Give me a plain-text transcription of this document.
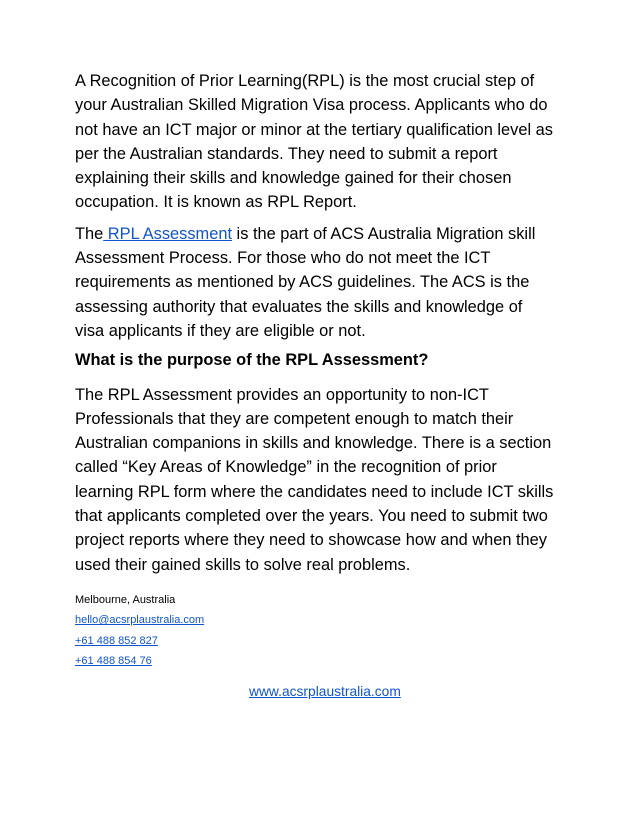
A Recognition of Prior Learning(RPL) is the most crucial step of
your Australian Skilled Migration Visa process. Applicants who do
not have an ICT major or minor at the tertiary qualification level as
per the Australian standards. They need to submit a report
explaining their skills and knowledge gained for their chosen
occupation. It is known as RPL Report.

The RPL Assessment is the part of ACS Australia Migration skill
Assessment Process. For those who do not meet the ICT
requirements as mentioned by ACS guidelines. The ACS is the
assessing authority that evaluates the skills and knowledge of
visa applicants if they are eligible or not.

What is the purpose of the RPL Assessment?

The RPL Assessment provides an opportunity to non-ICT
Professionals that they are competent enough to match their
Australian companions in skills and knowledge. There is a section
called “Key Areas of Knowledge” in the recognition of prior
learning RPL form where the candidates need to include ICT skills
that applicants completed over the years. You need to submit two
project reports where they need to showcase how and when they
used their gained skills to solve real problems.

Melbourne, Australia
hello@acsrplaustralia.com
+61 488 852 827
+61 488 854 76
www.acsrplaustralia.com
